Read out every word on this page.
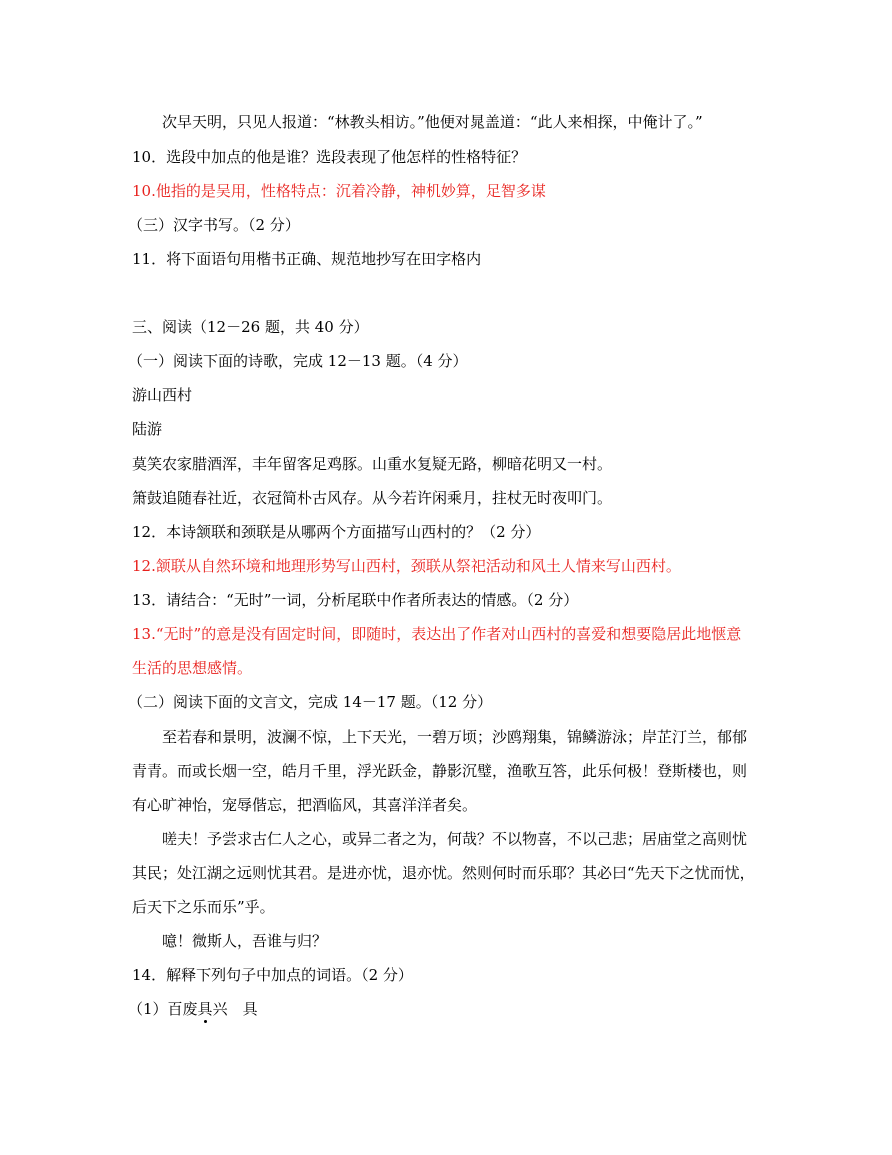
次早天明，只见人报道：“林教头相访。”他便对晁盖道：“此人来相探，中俺计了。”
10．选段中加点的他是谁？选段表现了他怎样的性格特征？
10.他指的是吴用，性格特点：沉着冷静，神机妙算，足智多谋
（三）汉字书写。（2 分）
11．将下面语句用楷书正确、规范地抄写在田字格内
三、阅读（12－26 题，共 40 分）
（一）阅读下面的诗歌，完成 12－13 题。（4 分）
游山西村
陆游
莫笑农家腊酒浑，丰年留客足鸡豚。山重水复疑无路，柳暗花明又一村。
箫鼓追随春社近，衣冠简朴古风存。从今若许闲乘月，拄杖无时夜叩门。
12．本诗颔联和颈联是从哪两个方面描写山西村的？（2 分）
12.颔联从自然环境和地理形势写山西村，颈联从祭祀活动和风土人情来写山西村。
13．请结合：“无时”一词，分析尾联中作者所表达的情感。（2 分）
13.“无时”的意是没有固定时间，即随时，表达出了作者对山西村的喜爱和想要隐居此地惬意
生活的思想感情。
（二）阅读下面的文言文，完成 14－17 题。（12 分）
至若春和景明，波澜不惊，上下天光，一碧万顷；沙鸥翔集，锦鳞游泳；岸芷汀兰，郁郁
青青。而或长烟一空，皓月千里，浮光跃金，静影沉璧，渔歌互答，此乐何极！登斯楼也，则
有心旷神怡，宠辱偕忘，把酒临风，其喜洋洋者矣。
嗟夫！予尝求古仁人之心，或异二者之为，何哉？不以物喜，不以己悲；居庙堂之高则忧
其民；处江湖之远则忧其君。是进亦忧，退亦忧。然则何时而乐耶？其必曰“先天下之忧而忧，
后天下之乐而乐”乎。
噫！微斯人，吾谁与归？
14．解释下列句子中加点的词语。（2 分）
（1）百废具兴　具
